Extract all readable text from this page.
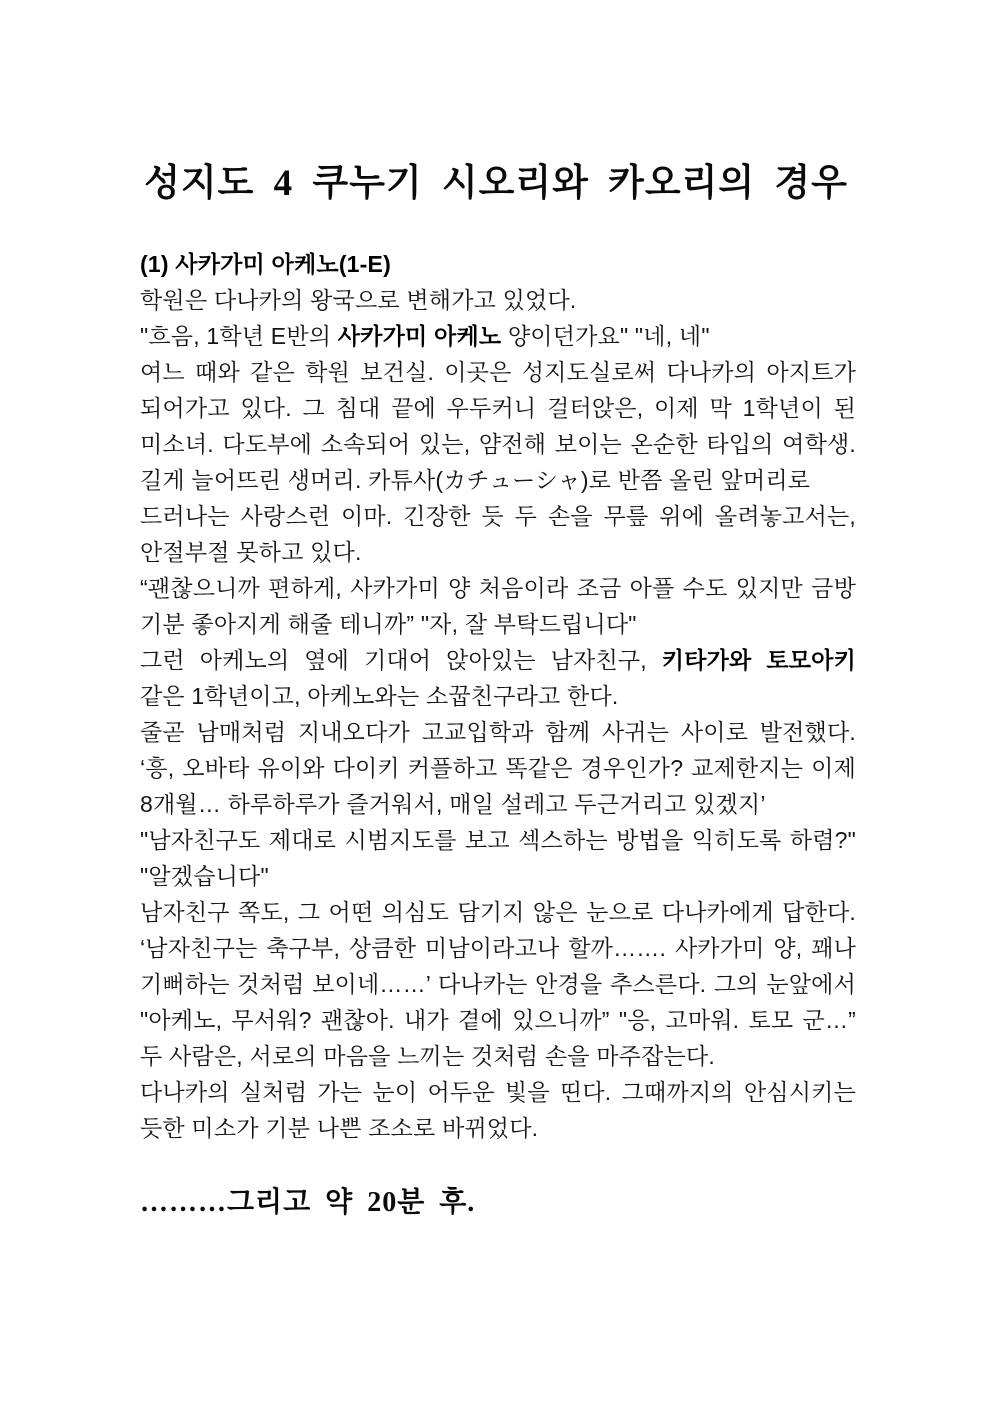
성지도 4 쿠누기 시오리와 카오리의 경우
(1) 사카가미 아케노(1-E)
학원은 다나카의 왕국으로 변해가고 있었다.
"흐음, 1학년 E반의 사카가미 아케노 양이던가요" "네, 네"
여느 때와 같은 학원 보건실. 이곳은 성지도실로써 다나카의 아지트가
되어가고 있다. 그 침대 끝에 우두커니 걸터앉은, 이제 막 1학년이 된
미소녀. 다도부에 소속되어 있는, 얌전해 보이는 온순한 타입의 여학생.
길게 늘어뜨린 생머리. 카튜사(カチューシャ)로 반쯤 올린 앞머리로
드러나는 사랑스런 이마. 긴장한 듯 두 손을 무릎 위에 올려놓고서는,
안절부절 못하고 있다.
“괜찮으니까 편하게, 사카가미 양 처음이라 조금 아플 수도 있지만 금방
기분 좋아지게 해줄 테니까” "자, 잘 부탁드립니다"
그런 아케노의 옆에 기대어 앉아있는 남자친구, 키타가와 토모아키
같은 1학년이고, 아케노와는 소꿉친구라고 한다.
줄곧 남매처럼 지내오다가 고교입학과 함께 사귀는 사이로 발전했다.
‘흥, 오바타 유이와 다이키 커플하고 똑같은 경우인가? 교제한지는 이제
8개월… 하루하루가 즐거워서, 매일 설레고 두근거리고 있겠지’
"남자친구도 제대로 시범지도를 보고 섹스하는 방법을 익히도록 하렴?"
"알겠습니다"
남자친구 쪽도, 그 어떤 의심도 담기지 않은 눈으로 다나카에게 답한다.
‘남자친구는 축구부, 상큼한 미남이라고나 할까……. 사카가미 양, 꽤나
기뻐하는 것처럼 보이네……’ 다나카는 안경을 추스른다. 그의 눈앞에서
"아케노, 무서워? 괜찮아. 내가 곁에 있으니까” "응, 고마워. 토모 군…”
두 사람은, 서로의 마음을 느끼는 것처럼 손을 마주잡는다.
다나카의 실처럼 가는 눈이 어두운 빛을 띤다. 그때까지의 안심시키는
듯한 미소가 기분 나쁜 조소로 바뀌었다.
………그리고 약 20분 후.
